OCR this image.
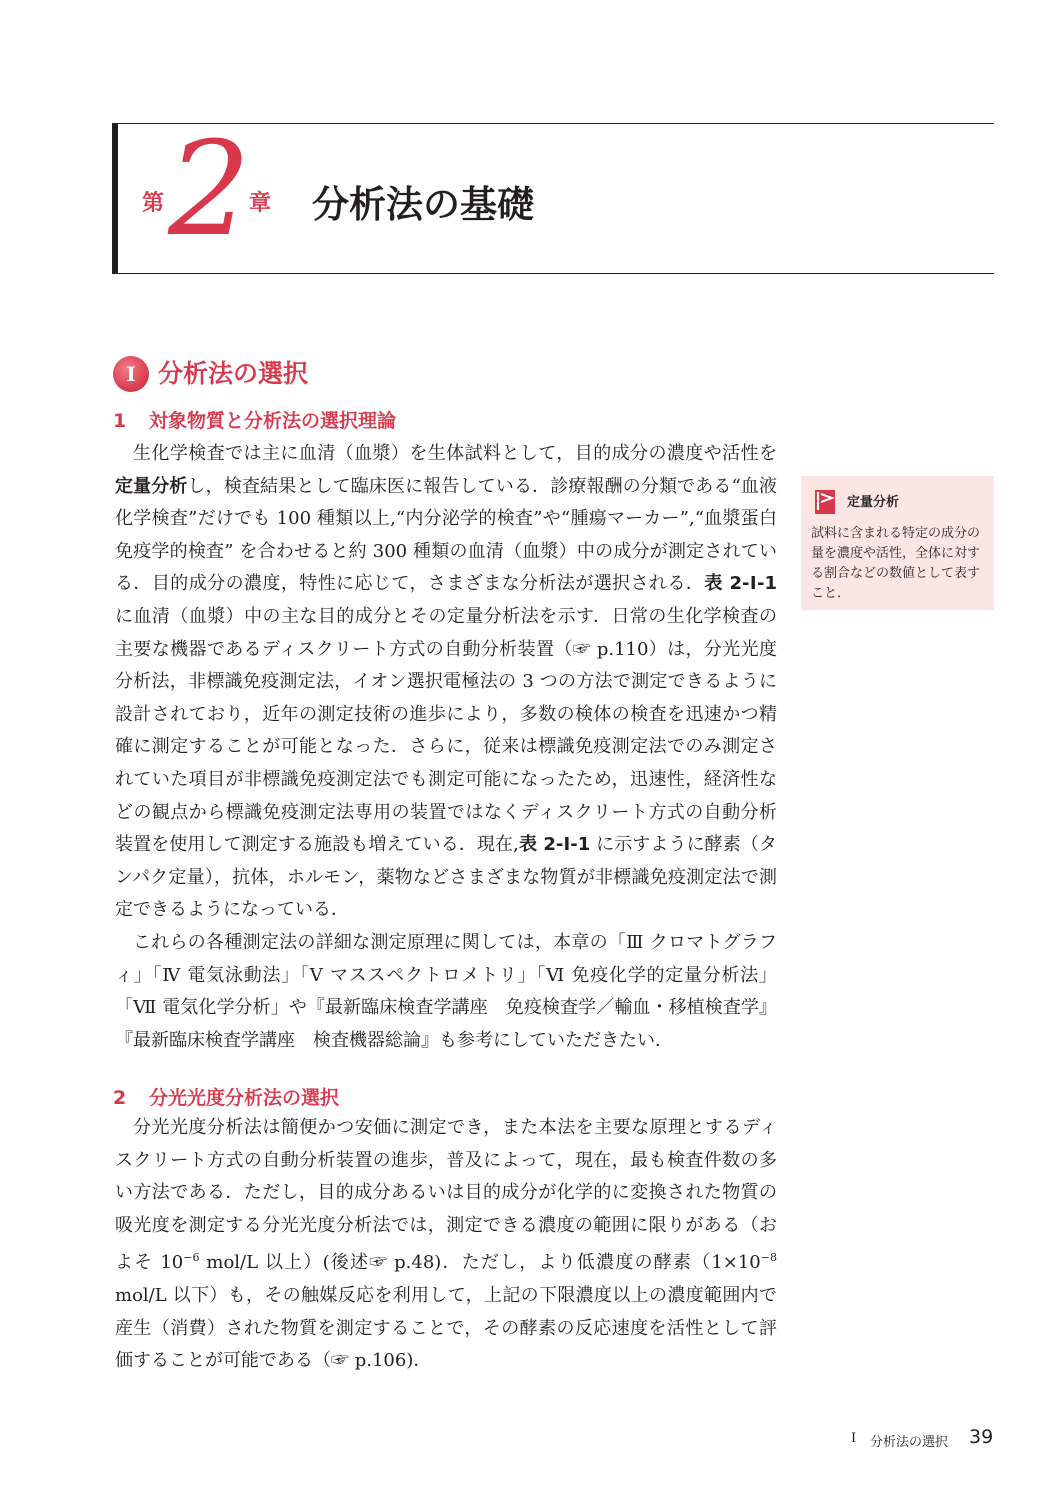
第 2
章 分析法の基礎
I 分析法の選択
1 対象物質と分析法の選択理論

生化学検査では主に血清（血漿）を生体試料として，目的成分の濃度や活性を定量分析し，検査結果として臨床医に報告している．診療報酬の分類である“血液化学検査”だけでも 100 種類以上,“内分泌学的検査”や“腫瘍マーカー”,“血漿蛋白免疫学的検査” を合わせると約 300 種類の血清（血漿）中の成分が測定されている．目的成分の濃度，特性に応じて，さまざまな分析法が選択される．表 2-Ⅰ-1 に血清（血漿）中の主な目的成分とその定量分析法を示す．日常の生化学検査の主要な機器であるディスクリート方式の自動分析装置（☞ p.110）は，分光光度分析法，非標識免疫測定法，イオン選択電極法の 3 つの方法で測定できるように設計されており，近年の測定技術の進歩により，多数の検体の検査を迅速かつ精確に測定することが可能となった．さらに，従来は標識免疫測定法でのみ測定されていた項目が非標識免疫測定法でも測定可能になったため，迅速性，経済性などの観点から標識免疫測定法専用の装置ではなくディスクリート方式の自動分析装置を使用して測定する施設も増えている．現在,表 2-Ⅰ-1 に示すように酵素（タンパク定量），抗体，ホルモン，薬物などさまざまな物質が非標識免疫測定法で測定できるようになっている．

これらの各種測定法の詳細な測定原理に関しては，本章の「Ⅲ クロマトグラフィ」「Ⅳ 電気泳動法」「Ⅴ マススペクトロメトリ」「Ⅵ 免疫化学的定量分析法」「Ⅶ 電気化学分析」や『最新臨床検査学講座　免疫検査学／輸血・移植検査学』『最新臨床検査学講座　検査機器総論』も参考にしていただきたい．

2 分光光度分析法の選択

分光光度分析法は簡便かつ安価に測定でき，また本法を主要な原理とするディスクリート方式の自動分析装置の進歩，普及によって，現在，最も検査件数の多い方法である．ただし，目的成分あるいは目的成分が化学的に変換された物質の吸光度を測定する分光光度分析法では，測定できる濃度の範囲に限りがある（およそ $10^{-6}$ mol/L 以上）(後述☞ p.48)．ただし，より低濃度の酵素（$1\times 10^{-8}$ mol/L 以下）も，その触媒反応を利用して，上記の下限濃度以上の濃度範囲内で産生（消費）された物質を測定することで，その酵素の反応速度を活性として評価することが可能である（☞ p.106)．

定量分析
試料に含まれる特定の成分の量を濃度や活性，全体に対する割合などの数値として表すこと．
Ⅰ 分析法の選択 39
